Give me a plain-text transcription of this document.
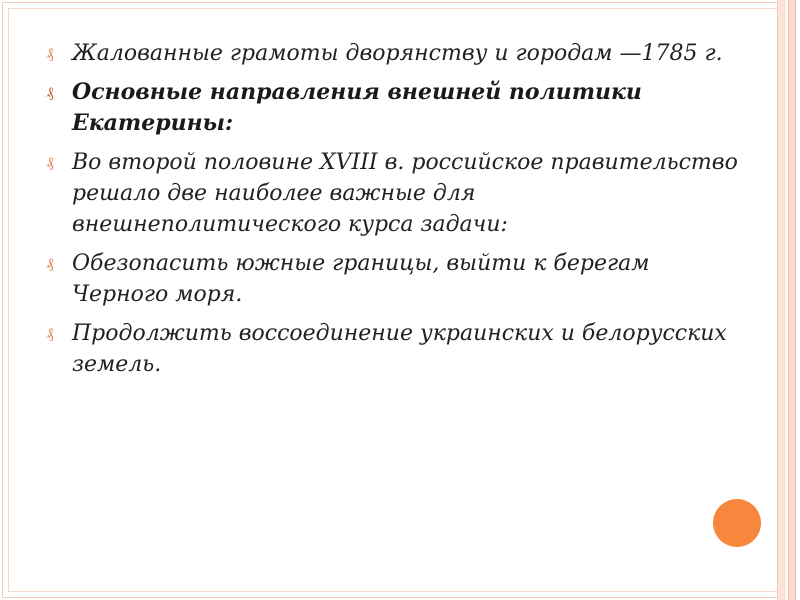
₰ Жалованные грамоты дворянству и городам —1785 г.
₰ Основные направления внешней политики Екатерины:
₰ Во второй половине XVIII в. российское правительство решало две наиболее важные для внешнеполитического курса задачи:
₰ Обезопасить южные границы, выйти к берегам Черного моря.
₰ Продолжить воссоединение украинских и белорусских земель.
